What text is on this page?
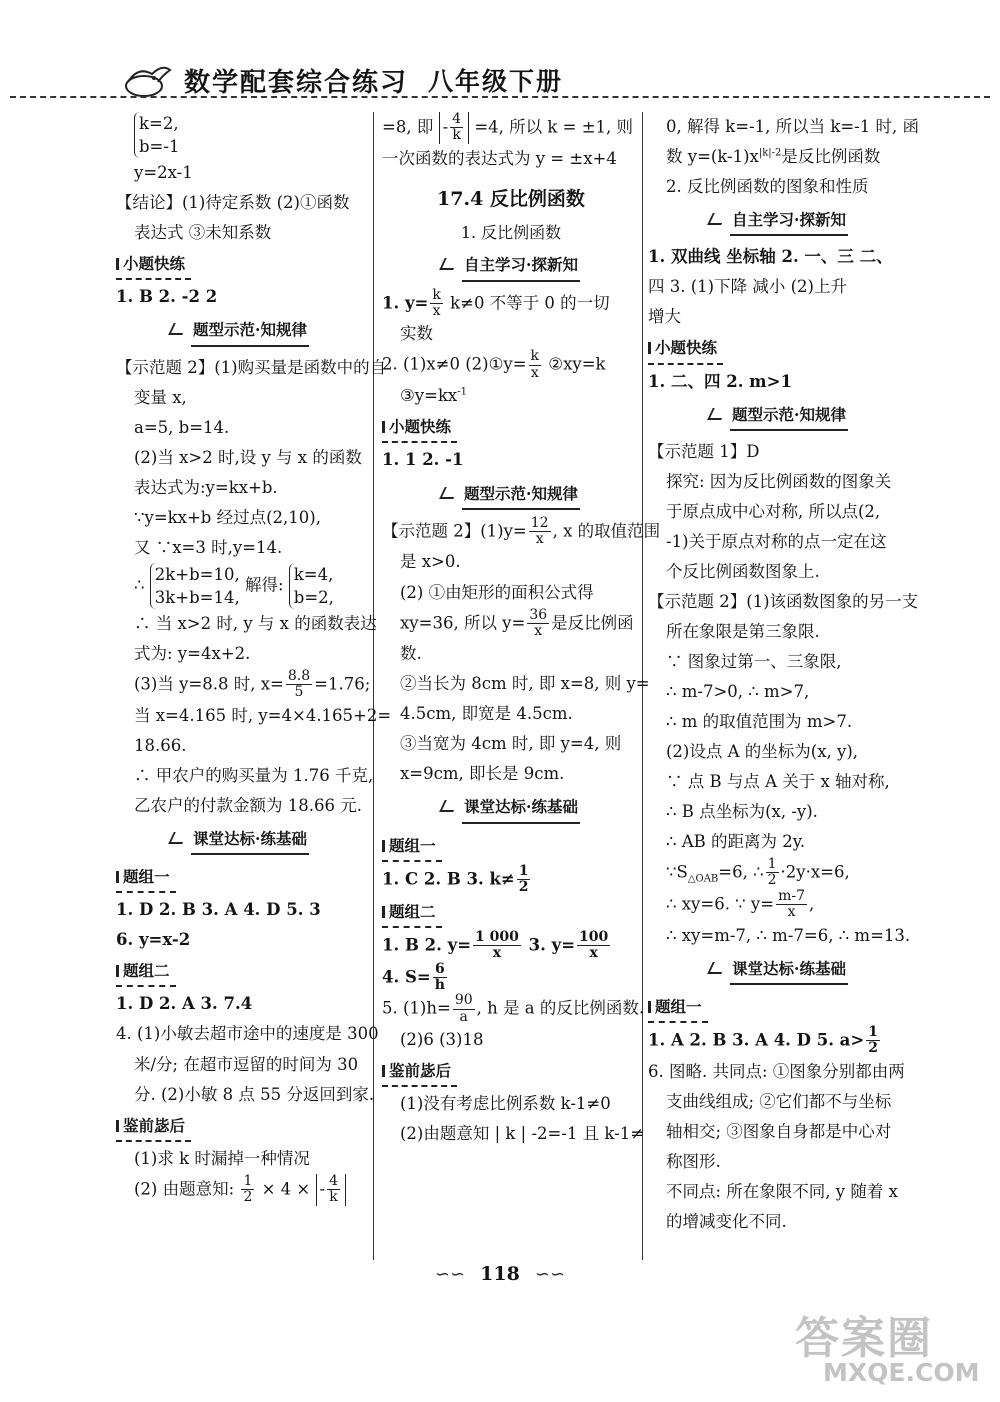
数学配套综合练习 八年级下册
k=2,
b=-1
y=2x-1
【结论】(1)待定系数 (2)①函数
表达式 ③未知系数
小题快练
1. B 2. -2 2
题型示范·知规律
【示范题 2】(1)购买量是函数中的自
变量 x,
a=5, b=14.
(2)当 x>2 时,设 y 与 x 的函数
表达式为:y=kx+b.
∵y=kx+b 经过点(2,10),
又 ∵x=3 时,y=14.
∴ 2k+b=10,
3k+b=14, 解得: k=4,
b=2,
∴ 当 x>2 时, y 与 x 的函数表达
式为: y=4x+2.
(3)当 y=8.8 时, $x= \frac{8.8}{5} =1.76$;
当 x=4.165 时, y=4×4.165+2=
18.66.
∴ 甲农户的购买量为 1.76 千克,
乙农户的付款金额为 18.66 元.
课堂达标·练基础
题组一
1. D 2. B 3. A 4. D 5. 3
6. y=x-2
题组二
1. D 2. A 3. 7.4
4. (1)小敏去超市途中的速度是 300
米/分; 在超市逗留的时间为 30
分. (2)小敏 8 点 55 分返回到家.
鉴前毖后
(1)求 k 时漏掉一种情况
(2) 由题意知: $\frac{1}{2} \times 4$ × - $\frac{4}{k}$
=8, 即 - $\frac{4}{k} =4$, 所以 k = ±1, 则
一次函数的表达式为 y = ±x+4
17.4 反比例函数
1. 反比例函数
自主学习·探新知
1. $y= \frac{k}{x} k\ne 0$ 不等于 0 的一切
实数
2. (1)x≠0 (2)①y= $\frac{k}{x}$ ②xy=k
$③y=kx^{-1}$
小题快练
1. 1 2. -1
题型示范·知规律
【示范题 2】$(1)y= \frac{12}{x}$ , x 的取值范围
是 x>0.
(2) ①由矩形的面积公式得
xy=36, 所以 $y= \frac{36}{x}$ 是反比例函
数.
②当长为 8cm 时, 即 x=8, 则 y=
4.5cm, 即宽是 4.5cm.
③当宽为 4cm 时, 即 y=4, 则
x=9cm, 即长是 9cm.
课堂达标·练基础
题组一
1. C 2. B 3. $k\ne \frac{1}{2}$
题组二
1. B 2. $y= \frac{1 000}{x} 3$. $y= \frac{100}{x}$
4. $S= \frac{6}{h}$
5. $(1)h= \frac{90}{a}$ , h 是 a 的反比例函数.
(2)6 (3)18
鉴前毖后
(1)没有考虑比例系数 k-1≠0
(2)由题意知 | k | -2=-1 且 k-1≠
0, 解得 k=-1, 所以当 k=-1 时, 函
数 $y=(k-1)x^{|k|-2}$是反比例函数
2. 反比例函数的图象和性质
自主学习·探新知
1. 双曲线 坐标轴 2. 一、三 二、
四 3. (1)下降 减小 (2)上升
增大
小题快练
1. 二、四 2. m>1
题型示范·知规律
【示范题 1】D
探究: 因为反比例函数的图象关
于原点成中心对称, 所以点(2,
-1)关于原点对称的点一定在这
个反比例函数图象上.
【示范题 2】(1)该函数图象的另一支
所在象限是第三象限.
∵ 图象过第一、三象限,
∴ m-7>0, ∴ m>7,
∴ m 的取值范围为 m>7.
(2)设点 A 的坐标为(x, y),
∵ 点 B 与点 A 关于 x 轴对称,
∴ B 点坐标为(x, -y).
∴ AB 的距离为 2y.
$\because S_{\triangle OAB}=6$, ∴ $\frac{1}{2} \cdot 2y\cdot x=6$,
∴ xy=6. ∵ $y= \frac{m-7}{x}$ ,
∴ xy=m-7, ∴ m-7=6, ∴ m=13.
课堂达标·练基础
题组一
1. A 2. B 3. A 4. D 5. $a> \frac{1}{2}$
6. 图略. 共同点: ①图象分别都由两
支曲线组成; ②它们都不与坐标
轴相交; ③图象自身都是中心对
称图形.
不同点: 所在象限不同, y 随着 x
的增减变化不同.
∽∽ 118 ∽∽
答案圈
MXQE.COM
